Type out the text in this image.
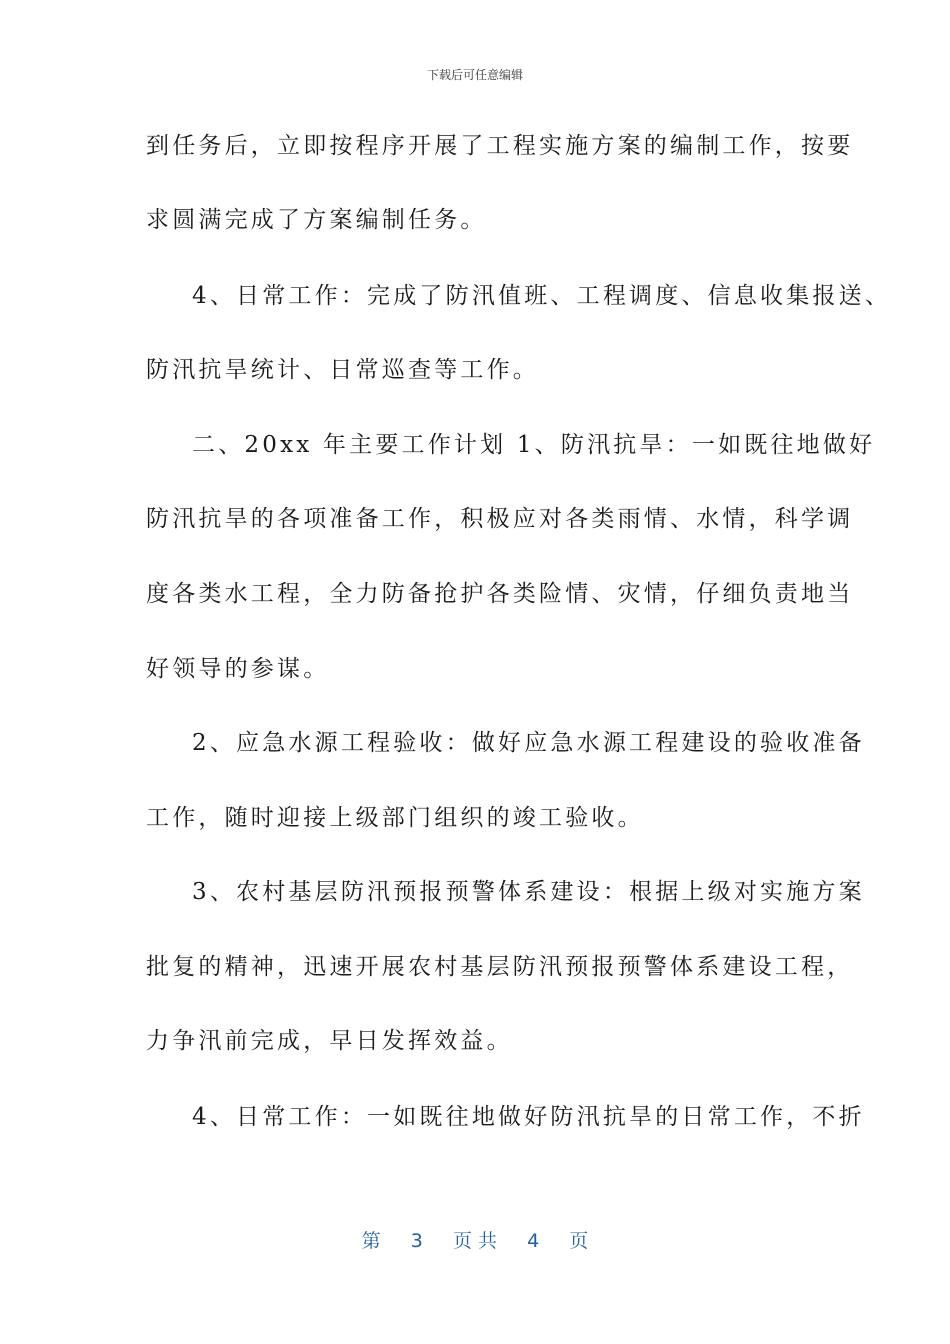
下载后可任意编辑
到任务后，立即按程序开展了工程实施方案的编制工作，按要
求圆满完成了方案编制任务。
4、日常工作：完成了防汛值班、工程调度、信息收集报送、
防汛抗旱统计、日常巡查等工作。
二、20xx 年主要工作计划 1、防汛抗旱：一如既往地做好
防汛抗旱的各项准备工作，积极应对各类雨情、水情，科学调
度各类水工程，全力防备抢护各类险情、灾情，仔细负责地当
好领导的参谋。
2、应急水源工程验收：做好应急水源工程建设的验收准备
工作，随时迎接上级部门组织的竣工验收。
3、农村基层防汛预报预警体系建设：根据上级对实施方案
批复的精神，迅速开展农村基层防汛预报预警体系建设工程，
力争汛前完成，早日发挥效益。
4、日常工作：一如既往地做好防汛抗旱的日常工作，不折
第 3 页 共 4 页
